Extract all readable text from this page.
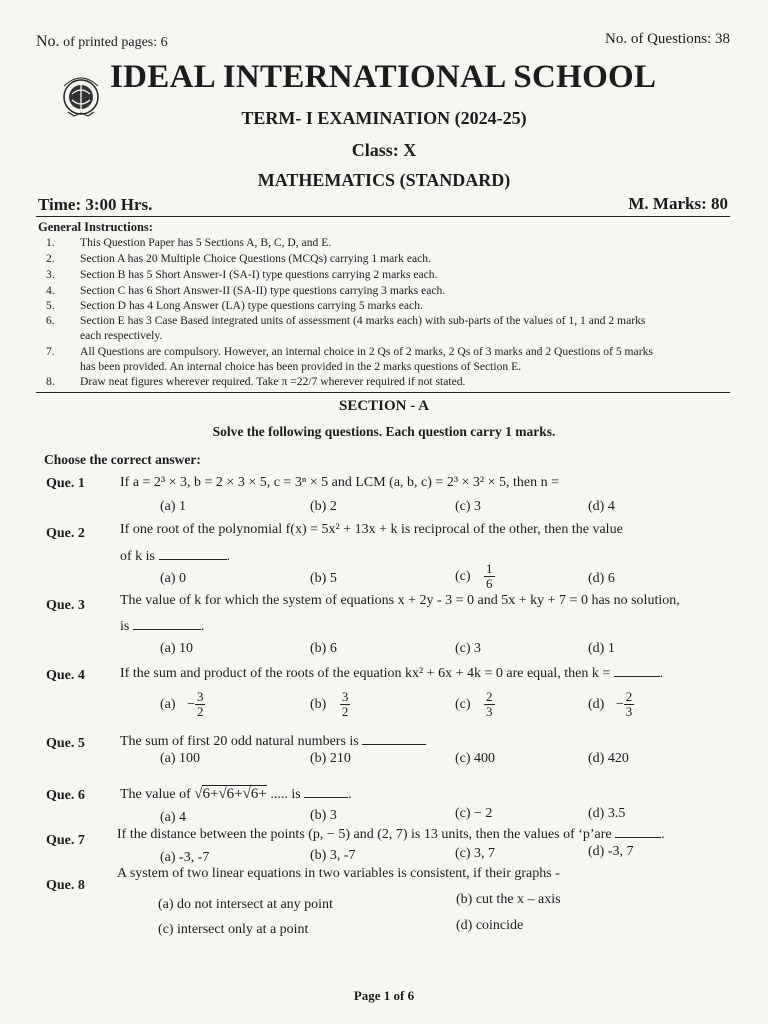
No. of printed pages: 6	No. of Questions: 38
IDEAL INTERNATIONAL SCHOOL
TERM- I EXAMINATION (2024-25)
Class: X
MATHEMATICS (STANDARD)
Time: 3:00 Hrs.	M. Marks: 80
General Instructions:
1. This Question Paper has 5 Sections A, B, C, D, and E.
2. Section A has 20 Multiple Choice Questions (MCQs) carrying 1 mark each.
3. Section B has 5 Short Answer-I (SA-I) type questions carrying 2 marks each.
4. Section C has 6 Short Answer-II (SA-II) type questions carrying 3 marks each.
5. Section D has 4 Long Answer (LA) type questions carrying 5 marks each.
6. Section E has 3 Case Based integrated units of assessment (4 marks each) with sub-parts of the values of 1, 1 and 2 marks
each respectively.
7. All Questions are compulsory. However, an internal choice in 2 Qs of 2 marks, 2 Qs of 3 marks and 2 Questions of 5 marks
has been provided. An internal choice has been provided in the 2 marks questions of Section E.
8. Draw neat figures wherever required. Take π =22/7 wherever required if not stated.
SECTION - A
Solve the following questions. Each question carry 1 marks.
Choose the correct answer:
Que. 1	If a = 2³ × 3, b = 2 × 3 × 5, c = 3ⁿ × 5 and LCM (a, b, c) = 2³ × 3² × 5, then n =
(a) 1	(b) 2	(c) 3	(d) 4
Que. 2	If one root of the polynomial f(x) = 5x² + 13x + k is reciprocal of the other, then the value
of k is	.
(a) 0	(b) 5	$(c) \frac{1}{6}$	(d) 6
Que. 3	The value of k for which the system of equations x + 2y - 3 = 0 and 5x + ky + 7 = 0 has no solution,
is	.
(a) 10	(b) 6	(c) 3	(d) 1
Que. 4	If the sum and product of the roots of the equation kx² + 6x + 4k = 0 are equal, then k =	.
$(a) - \frac{3}{2}$	$(b) \frac{3}{2}$	$(c) \frac{2}{3}$	$(d) - \frac{2}{3}$
Que. 5	The sum of first 20 odd natural numbers is
(a) 100	(b) 210	(c) 400	(d) 420
Que. 6	The value of √6+√6+√6+ ..... is	.
(a) 4	(b) 3	(c) − 2	(d) 3.5
Que. 7 If the distance between the points (p, − 5) and (2, 7) is 13 units, then the values of ‘p’are	.
(a) -3, -7	(b) 3, -7	(c) 3, 7	(d) -3, 7
Que. 8
A system of two linear equations in two variables is consistent, if their graphs -
(a) do not intersect at any point	(b) cut the x – axis
(c) intersect only at a point	(d) coincide
Page 1 of 6
